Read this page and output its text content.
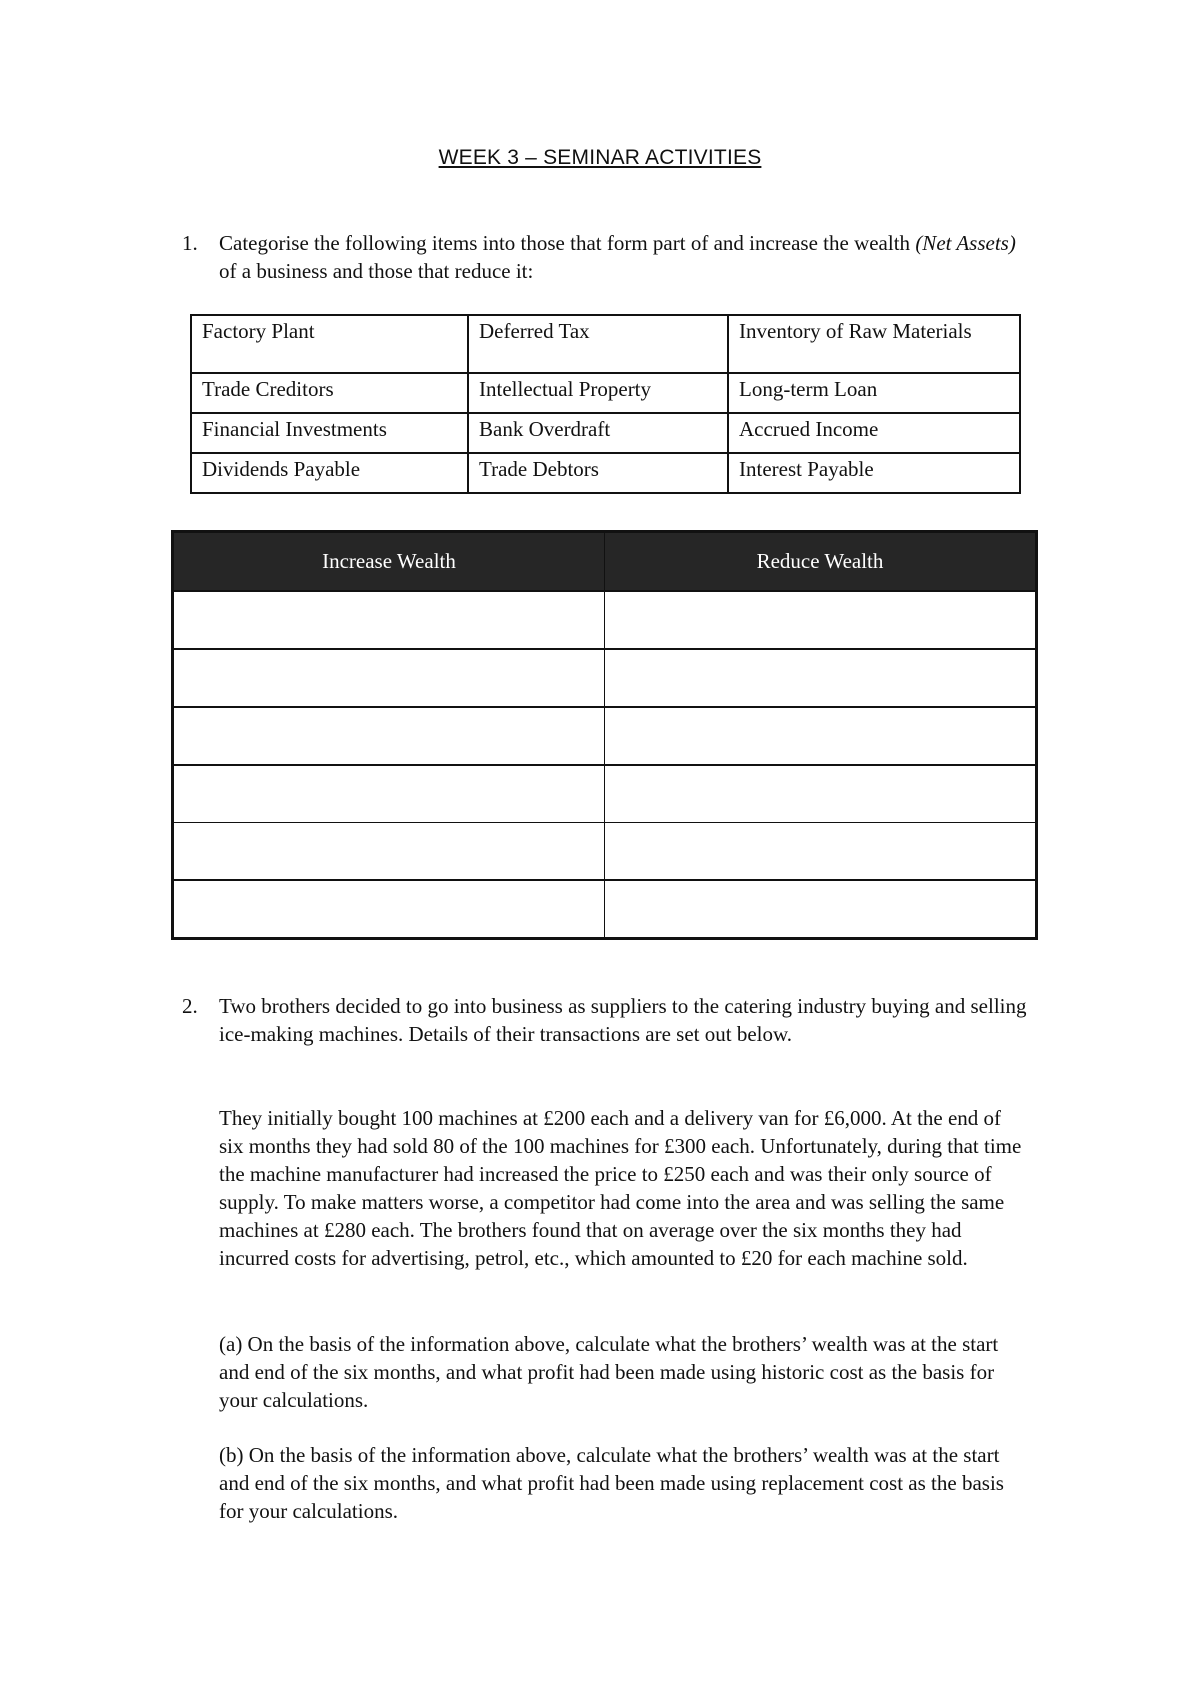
WEEK 3 – SEMINAR ACTIVITIES
1. Categorise the following items into those that form part of and increase the wealth (Net Assets) of a business and those that reduce it:
Factory Plant	Deferred Tax	Inventory of Raw Materials
Trade Creditors	Intellectual Property	Long-term Loan
Financial Investments	Bank Overdraft	Accrued Income
Dividends Payable	Trade Debtors	Interest Payable
Increase Wealth	Reduce Wealth

2. Two brothers decided to go into business as suppliers to the catering industry buying and selling ice-making machines. Details of their transactions are set out below.
They initially bought 100 machines at £200 each and a delivery van for £6,000. At the end of six months they had sold 80 of the 100 machines for £300 each. Unfortunately, during that time the machine manufacturer had increased the price to £250 each and was their only source of supply. To make matters worse, a competitor had come into the area and was selling the same machines at £280 each. The brothers found that on average over the six months they had incurred costs for advertising, petrol, etc., which amounted to £20 for each machine sold.
(a) On the basis of the information above, calculate what the brothers’ wealth was at the start and end of the six months, and what profit had been made using historic cost as the basis for your calculations.
(b) On the basis of the information above, calculate what the brothers’ wealth was at the start and end of the six months, and what profit had been made using replacement cost as the basis for your calculations.
